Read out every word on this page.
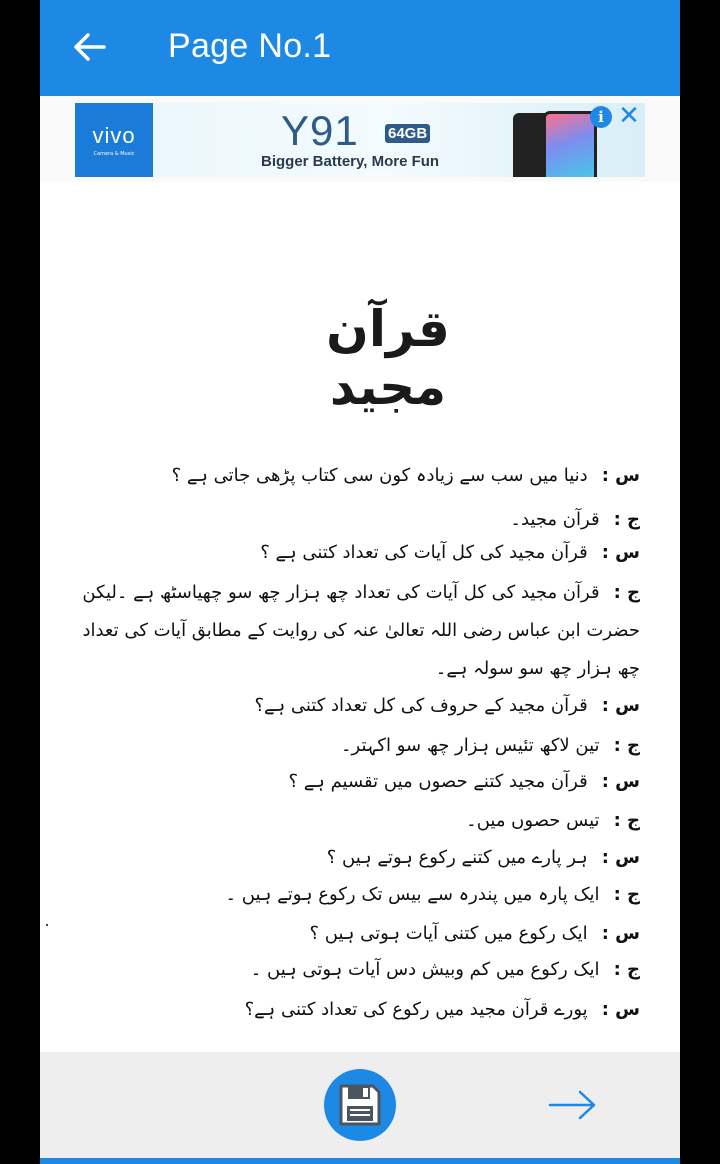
Page No.1
vivo
Camera & Music	Y91 64GB
Bigger Battery, More Fun
i ✕
قرآن مجید
س :دنیا میں سب سے زیادہ کون سی کتاب پڑھی جاتی ہے ؟
ج :قرآن مجید۔
س :قرآن مجید کی کل آیات کی تعداد کتنی ہے ؟
ج :قرآن مجید کی کل آیات کی تعداد چھ ہزار چھ سو چھیاسٹھ ہے ۔لیکن حضرت ابن عباس رضی اللہ تعالیٰ عنہ کی روایت کے مطابق آیات کی تعداد چھ ہزار چھ سو سولہ ہے۔
س :قرآن مجید کے حروف کی کل تعداد کتنی ہے؟
ج :تین لاکھ تئیس ہزار چھ سو اکہتر۔
س :قرآن مجید کتنے حصوں میں تقسیم ہے ؟
ج :تیس حصوں میں۔
س :ہر پارے میں کتنے رکوع ہوتے ہیں ؟
ج :ایک پارہ میں پندرہ سے بیس تک رکوع ہوتے ہیں ۔
س :ایک رکوع میں کتنی آیات ہوتی ہیں ؟
ج :ایک رکوع میں کم وبیش دس آیات ہوتی ہیں ۔
س :پورے قرآن مجید میں رکوع کی تعداد کتنی ہے؟
